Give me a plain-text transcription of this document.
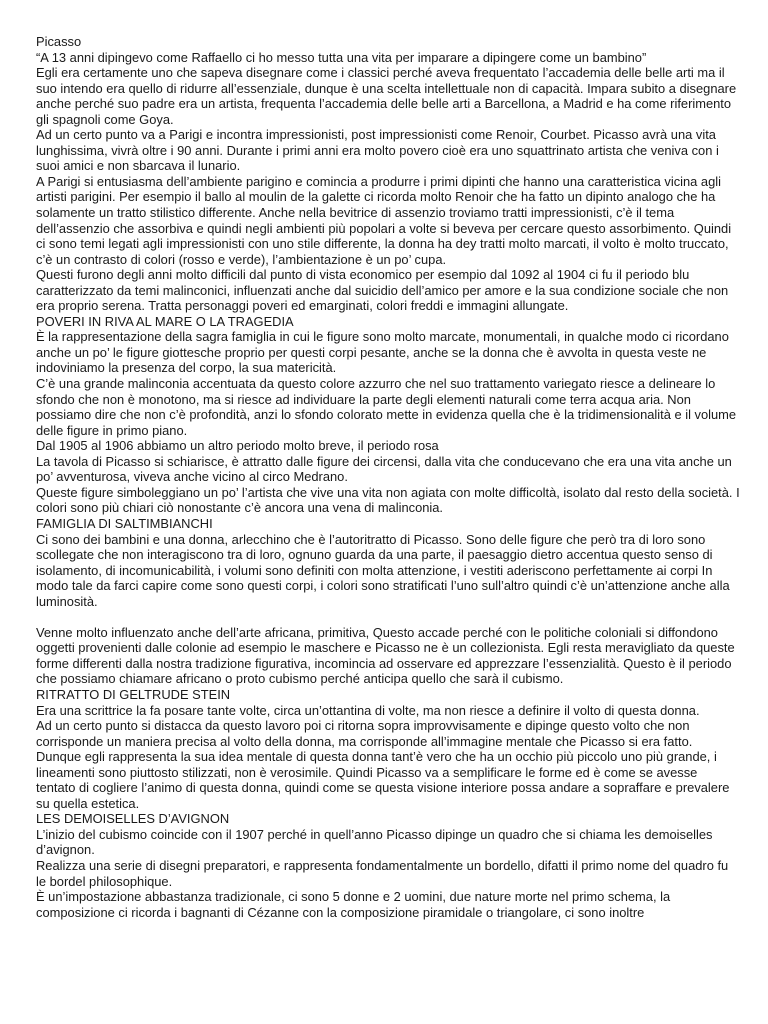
Picasso

“A 13 anni dipingevo come Raffaello ci ho messo tutta una vita per imparare a dipingere come un bambino”

Egli era certamente uno che sapeva disegnare come i classici perché aveva frequentato l’accademia delle belle arti ma il suo intendo era quello di ridurre all’essenziale, dunque è una scelta intellettuale non di capacità. Impara subito a disegnare anche perché suo padre era un artista, frequenta l’accademia delle belle arti a Barcellona, a Madrid e ha come riferimento gli spagnoli come Goya.

Ad un certo punto va a Parigi e incontra impressionisti, post impressionisti come Renoir, Courbet. Picasso avrà una vita lunghissima, vivrà oltre i 90 anni. Durante i primi anni era molto povero cioè era uno squattrinato artista che veniva con i suoi amici e non sbarcava il lunario.

A Parigi si entusiasma dell’ambiente parigino e comincia a produrre i primi dipinti che hanno una caratteristica vicina agli artisti parigini. Per esempio il ballo al moulin de la galette ci ricorda molto Renoir che ha fatto un dipinto analogo che ha solamente un tratto stilistico differente. Anche nella bevitrice di assenzio troviamo tratti impressionisti, c’è il tema dell’assenzio che assorbiva e quindi negli ambienti più popolari a volte si beveva per cercare questo assorbimento. Quindi ci sono temi legati agli impressionisti con uno stile differente, la donna ha dey tratti molto marcati, il volto è molto truccato, c’è un contrasto di colori (rosso e verde), l’ambientazione è un po’ cupa.

Questi furono degli anni molto difficili dal punto di vista economico per esempio dal 1092 al 1904 ci fu il periodo blu caratterizzato da temi malinconici, influenzati anche dal suicidio dell’amico per amore e la sua condizione sociale che non era proprio serena. Tratta personaggi poveri ed emarginati, colori freddi e immagini allungate.

POVERI IN RIVA AL MARE O LA TRAGEDIA

È la rappresentazione della sagra famiglia in cui le figure sono molto marcate, monumentali, in qualche modo ci ricordano anche un po’ le figure giottesche proprio per questi corpi pesante, anche se la donna che è avvolta in questa veste ne indoviniamo la presenza del corpo, la sua matericità.

C’è una grande malinconia accentuata da questo colore azzurro che nel suo trattamento variegato riesce a delineare lo sfondo che non è monotono, ma si riesce ad individuare la parte degli elementi naturali come terra acqua aria. Non possiamo dire che non c’è profondità, anzi lo sfondo colorato mette in evidenza quella che è la tridimensionalità e il volume delle figure in primo piano.

Dal 1905 al 1906 abbiamo un altro periodo molto breve, il periodo rosa

La tavola di Picasso si schiarisce, è attratto dalle figure dei circensi, dalla vita che conducevano che era una vita anche un po’ avventurosa, viveva anche vicino al circo Medrano.

Queste figure simboleggiano un po’ l’artista che vive una vita non agiata con molte difficoltà, isolato dal resto della società. I colori sono più chiari ciò nonostante c’è ancora una vena di malinconia.

FAMIGLIA DI SALTIMBIANCHI

Ci sono dei bambini e una donna, arlecchino che è l’autoritratto di Picasso. Sono delle figure che però tra di loro sono scollegate che non interagiscono tra di loro, ognuno guarda da una parte, il paesaggio dietro accentua questo senso di isolamento, di incomunicabilità, i volumi sono definiti con molta attenzione, i vestiti aderiscono perfettamente ai corpi In modo tale da farci capire come sono questi corpi, i colori sono stratificati l’uno sull’altro quindi c’è un’attenzione anche alla luminosità.

Venne molto influenzato anche dell’arte africana, primitiva, Questo accade perché con le politiche coloniali si diffondono oggetti provenienti dalle colonie ad esempio le maschere e Picasso ne è un collezionista. Egli resta meravigliato da queste forme differenti dalla nostra tradizione figurativa, incomincia ad osservare ed apprezzare l’essenzialità. Questo è il periodo che possiamo chiamare africano o proto cubismo perché anticipa quello che sarà il cubismo.

RITRATTO DI GELTRUDE STEIN

Era una scrittrice la fa posare tante volte, circa un’ottantina di volte, ma non riesce a definire il volto di questa donna.

Ad un certo punto si distacca da questo lavoro poi ci ritorna sopra improvvisamente e dipinge questo volto che non corrisponde un maniera precisa al volto della donna, ma corrisponde all’immagine mentale che Picasso si era fatto. Dunque egli rappresenta la sua idea mentale di questa donna tant’è vero che ha un occhio più piccolo uno più grande, i lineamenti sono piuttosto stilizzati, non è verosimile. Quindi Picasso va a semplificare le forme ed è come se avesse tentato di cogliere l’animo di questa donna, quindi come se questa visione interiore possa andare a sopraffare e prevalere su quella estetica.

LES DEMOISELLES D’AVIGNON

L’inizio del cubismo coincide con il 1907 perché in quell’anno Picasso dipinge un quadro che si chiama les demoiselles d’avignon.

Realizza una serie di disegni preparatori, e rappresenta fondamentalmente un bordello, difatti il primo nome del quadro fu le bordel philosophique.

È un’impostazione abbastanza tradizionale, ci sono 5 donne e 2 uomini, due nature morte nel primo schema, la composizione ci ricorda i bagnanti di Cézanne con la composizione piramidale o triangolare, ci sono inoltre
